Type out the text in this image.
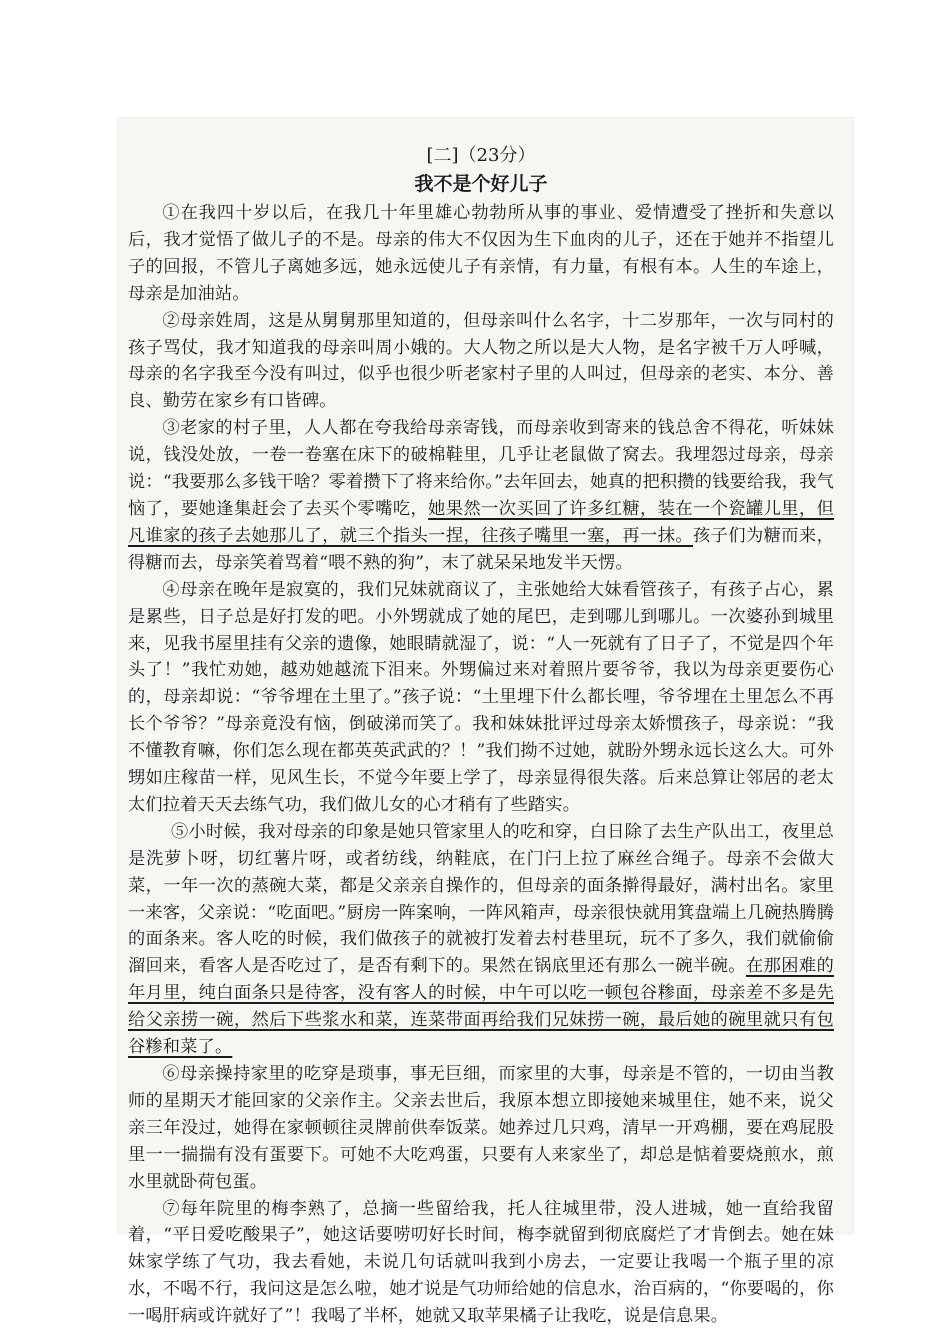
[二]（23分）

我不是个好儿子

①在我四十岁以后，在我几十年里雄心勃勃所从事的事业、爱情遭受了挫折和失意以后，我才觉悟了做儿子的不是。母亲的伟大不仅因为生下血肉的儿子，还在于她并不指望儿子的回报，不管儿子离她多远，她永远使儿子有亲情，有力量，有根有本。人生的车途上，母亲是加油站。

②母亲姓周，这是从舅舅那里知道的，但母亲叫什么名字，十二岁那年，一次与同村的孩子骂仗，我才知道我的母亲叫周小娥的。大人物之所以是大人物，是名字被千万人呼喊，母亲的名字我至今没有叫过，似乎也很少听老家村子里的人叫过，但母亲的老实、本分、善良、勤劳在家乡有口皆碑。

③老家的村子里，人人都在夸我给母亲寄钱，而母亲收到寄来的钱总舍不得花，听妹妹说，钱没处放，一卷一卷塞在床下的破棉鞋里，几乎让老鼠做了窝去。我埋怨过母亲，母亲说：“我要那么多钱干啥？零着攒下了将来给你。”去年回去，她真的把积攒的钱要给我，我气恼了，要她逢集赶会了去买个零嘴吃，她果然一次买回了许多红糖，装在一个瓷罐儿里，但凡谁家的孩子去她那儿了，就三个指头一捏，往孩子嘴里一塞，再一抹。孩子们为糖而来，得糖而去，母亲笑着骂着“喂不熟的狗”，末了就呆呆地发半天愣。

④母亲在晚年是寂寞的，我们兄妹就商议了，主张她给大妹看管孩子，有孩子占心，累是累些，日子总是好打发的吧。小外甥就成了她的尾巴，走到哪儿到哪儿。一次婆孙到城里来，见我书屋里挂有父亲的遗像，她眼睛就湿了，说：“人一死就有了日子了，不觉是四个年头了！”我忙劝她，越劝她越流下泪来。外甥偏过来对着照片要爷爷，我以为母亲更要伤心的，母亲却说：“爷爷埋在土里了。”孩子说：“土里埋下什么都长哩，爷爷埋在土里怎么不再长个爷爷？”母亲竟没有恼，倒破涕而笑了。我和妹妹批评过母亲太娇惯孩子，母亲说：“我不懂教育嘛，你们怎么现在都英英武武的？！”我们拗不过她，就盼外甥永远长这么大。可外甥如庄稼苗一样，见风生长，不觉今年要上学了，母亲显得很失落。后来总算让邻居的老太太们拉着天天去练气功，我们做儿女的心才稍有了些踏实。

⑤小时候，我对母亲的印象是她只管家里人的吃和穿，白日除了去生产队出工，夜里总是洗萝卜呀，切红薯片呀，或者纺线，纳鞋底，在门闩上拉了麻丝合绳子。母亲不会做大菜，一年一次的蒸碗大菜，都是父亲亲自操作的，但母亲的面条擀得最好，满村出名。家里一来客，父亲说：“吃面吧。”厨房一阵案响，一阵风箱声，母亲很快就用箕盘端上几碗热腾腾的面条来。客人吃的时候，我们做孩子的就被打发着去村巷里玩，玩不了多久，我们就偷偷溜回来，看客人是否吃过了，是否有剩下的。果然在锅底里还有那么一碗半碗。在那困难的年月里，纯白面条只是待客，没有客人的时候，中午可以吃一顿包谷糁面，母亲差不多是先给父亲捞一碗，然后下些浆水和菜，连菜带面再给我们兄妹捞一碗，最后她的碗里就只有包谷糁和菜了。

⑥母亲操持家里的吃穿是琐事，事无巨细，而家里的大事，母亲是不管的，一切由当教师的星期天才能回家的父亲作主。父亲去世后，我原本想立即接她来城里住，她不来，说父亲三年没过，她得在家顿顿往灵牌前供奉饭菜。她养过几只鸡，清早一开鸡棚，要在鸡屁股里一一揣揣有没有蛋要下。可她不大吃鸡蛋，只要有人来家坐了，却总是惦着要烧煎水，煎水里就卧荷包蛋。

⑦每年院里的梅李熟了，总摘一些留给我，托人往城里带，没人进城，她一直给我留着，“平日爱吃酸果子”，她这话要唠叨好长时间，梅李就留到彻底腐烂了才肯倒去。她在妹妹家学练了气功，我去看她，未说几句话就叫我到小房去，一定要让我喝一个瓶子里的凉水，不喝不行，我问这是怎么啦，她才说是气功师给她的信息水，治百病的，“你要喝的，你一喝肝病或许就好了”！我喝了半杯，她就又取苹果橘子让我吃，说是信息果。
